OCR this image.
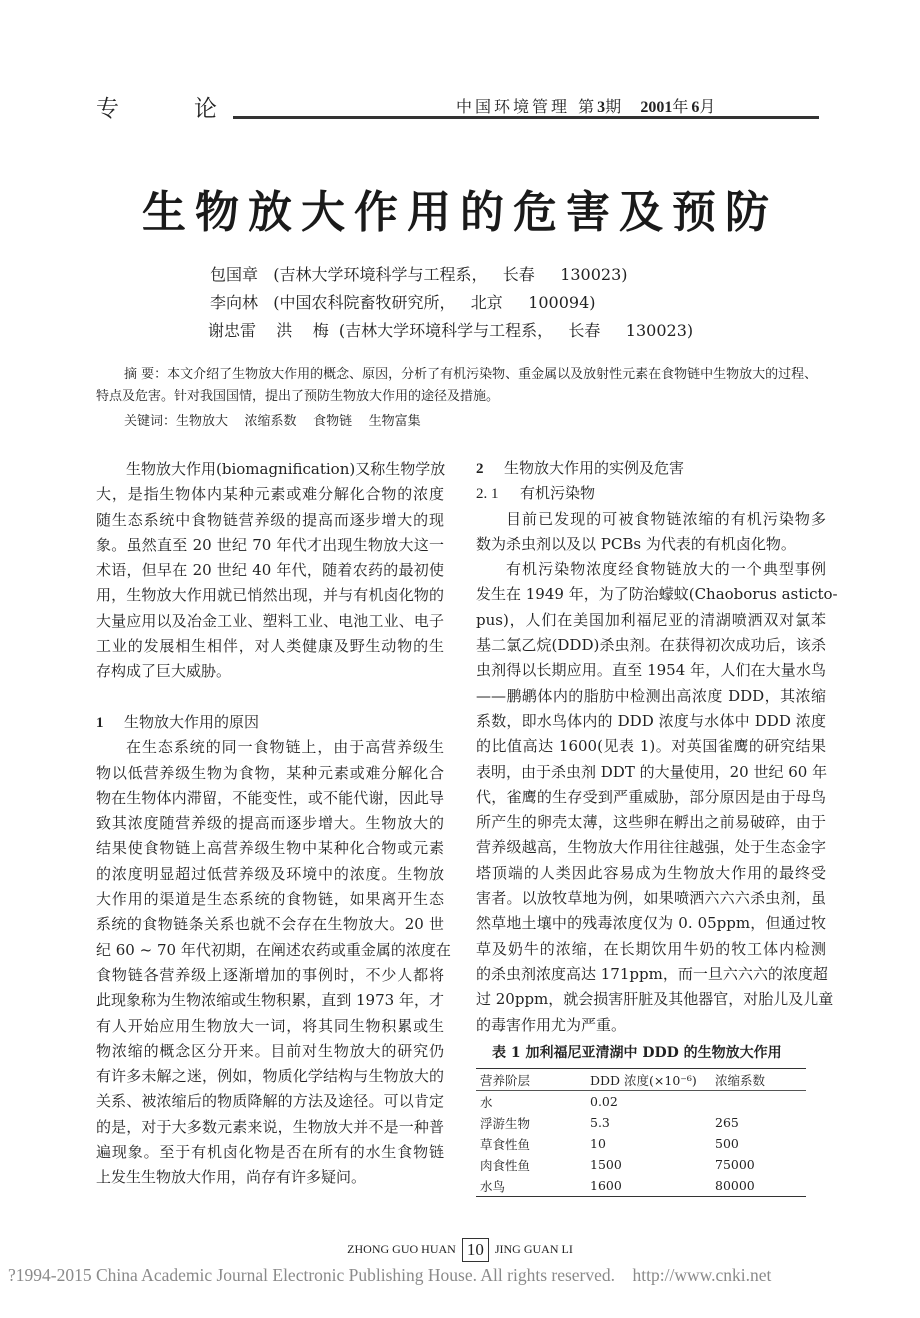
专	论	中国环境管理 第3期 2001年6月
生物放大作用的危害及预防
包国章   (吉林大学环境科学与工程系，   长春     130023)
李向林   (中国农科院畜牧研究所，   北京     100094)
谢忠雷    洪    梅  (吉林大学环境科学与工程系，   长春     130023)
摘 要：本文介绍了生物放大作用的概念、原因，分析了有机污染物、重金属以及放射性元素在食物链中生物放大的过程、特点及危害。针对我国国情，提出了预防生物放大作用的途径及措施。
关键词：生物放大    浓缩系数    食物链    生物富集
生物放大作用(biomagnification)又称生物学放
大，是指生物体内某种元素或难分解化合物的浓度
随生态系统中食物链营养级的提高而逐步增大的现
象。虽然直至 20 世纪 70 年代才出现生物放大这一
术语，但早在 20 世纪 40 年代，随着农药的最初使
用，生物放大作用就已悄然出现，并与有机卤化物的
大量应用以及冶金工业、塑料工业、电池工业、电子
工业的发展相生相伴，对人类健康及野生动物的生
存构成了巨大威胁。
1 生物放大作用的原因
在生态系统的同一食物链上，由于高营养级生
物以低营养级生物为食物，某种元素或难分解化合
物在生物体内滞留，不能变性，或不能代谢，因此导
致其浓度随营养级的提高而逐步增大。生物放大的
结果使食物链上高营养级生物中某种化合物或元素
的浓度明显超过低营养级及环境中的浓度。生物放
大作用的渠道是生态系统的食物链，如果离开生态
系统的食物链条关系也就不会存在生物放大。20 世
纪 60 ~ 70 年代初期，在阐述农药或重金属的浓度在
食物链各营养级上逐渐增加的事例时，不少人都将
此现象称为生物浓缩或生物积累，直到 1973 年，才
有人开始应用生物放大一词，将其同生物积累或生
物浓缩的概念区分开来。目前对生物放大的研究仍
有许多未解之迷，例如，物质化学结构与生物放大的
关系、被浓缩后的物质降解的方法及途径。可以肯定
的是，对于大多数元素来说，生物放大并不是一种普
遍现象。至于有机卤化物是否在所有的水生食物链
上发生生物放大作用，尚存有许多疑问。
2 生物放大作用的实例及危害
2. 1 有机污染物
目前已发现的可被食物链浓缩的有机污染物多
数为杀虫剂以及以 PCBs 为代表的有机卤化物。
有机污染物浓度经食物链放大的一个典型事例
发生在 1949 年，为了防治蠓蚊(Chaoborus asticto-
pus)，人们在美国加利福尼亚的清湖喷洒双对氯苯
基二氯乙烷(DDD)杀虫剂。在获得初次成功后，该杀
虫剂得以长期应用。直至 1954 年，人们在大量水鸟
——鹏鹕体内的脂肪中检测出高浓度 DDD，其浓缩
系数，即水鸟体内的 DDD 浓度与水体中 DDD 浓度
的比值高达 1600(见表 1)。对英国雀鹰的研究结果
表明，由于杀虫剂 DDT 的大量使用，20 世纪 60 年
代，雀鹰的生存受到严重威胁，部分原因是由于母鸟
所产生的卵壳太薄，这些卵在孵出之前易破碎，由于
营养级越高，生物放大作用往往越强，处于生态金字
塔顶端的人类因此容易成为生物放大作用的最终受
害者。以放牧草地为例，如果喷洒六六六杀虫剂，虽
然草地土壤中的残毒浓度仅为 0. 05ppm，但通过牧
草及奶牛的浓缩，在长期饮用牛奶的牧工体内检测
的杀虫剂浓度高达 171ppm，而一旦六六六的浓度超
过 20ppm，就会损害肝脏及其他器官，对胎儿及儿童
的毒害作用尤为严重。
表 1 加利福尼亚清湖中 DDD 的生物放大作用
营养阶层	DDD 浓度(×10⁻⁶)	浓缩系数
水	0.02
浮游生物	5.3	265
草食性鱼	10	500
肉食性鱼	1500	75000
水鸟	1600	80000
ZHONG GUO HUAN 10 JING GUAN LI
?1994-2015 China Academic Journal Electronic Publishing House. All rights reserved.    http://www.cnki.net
